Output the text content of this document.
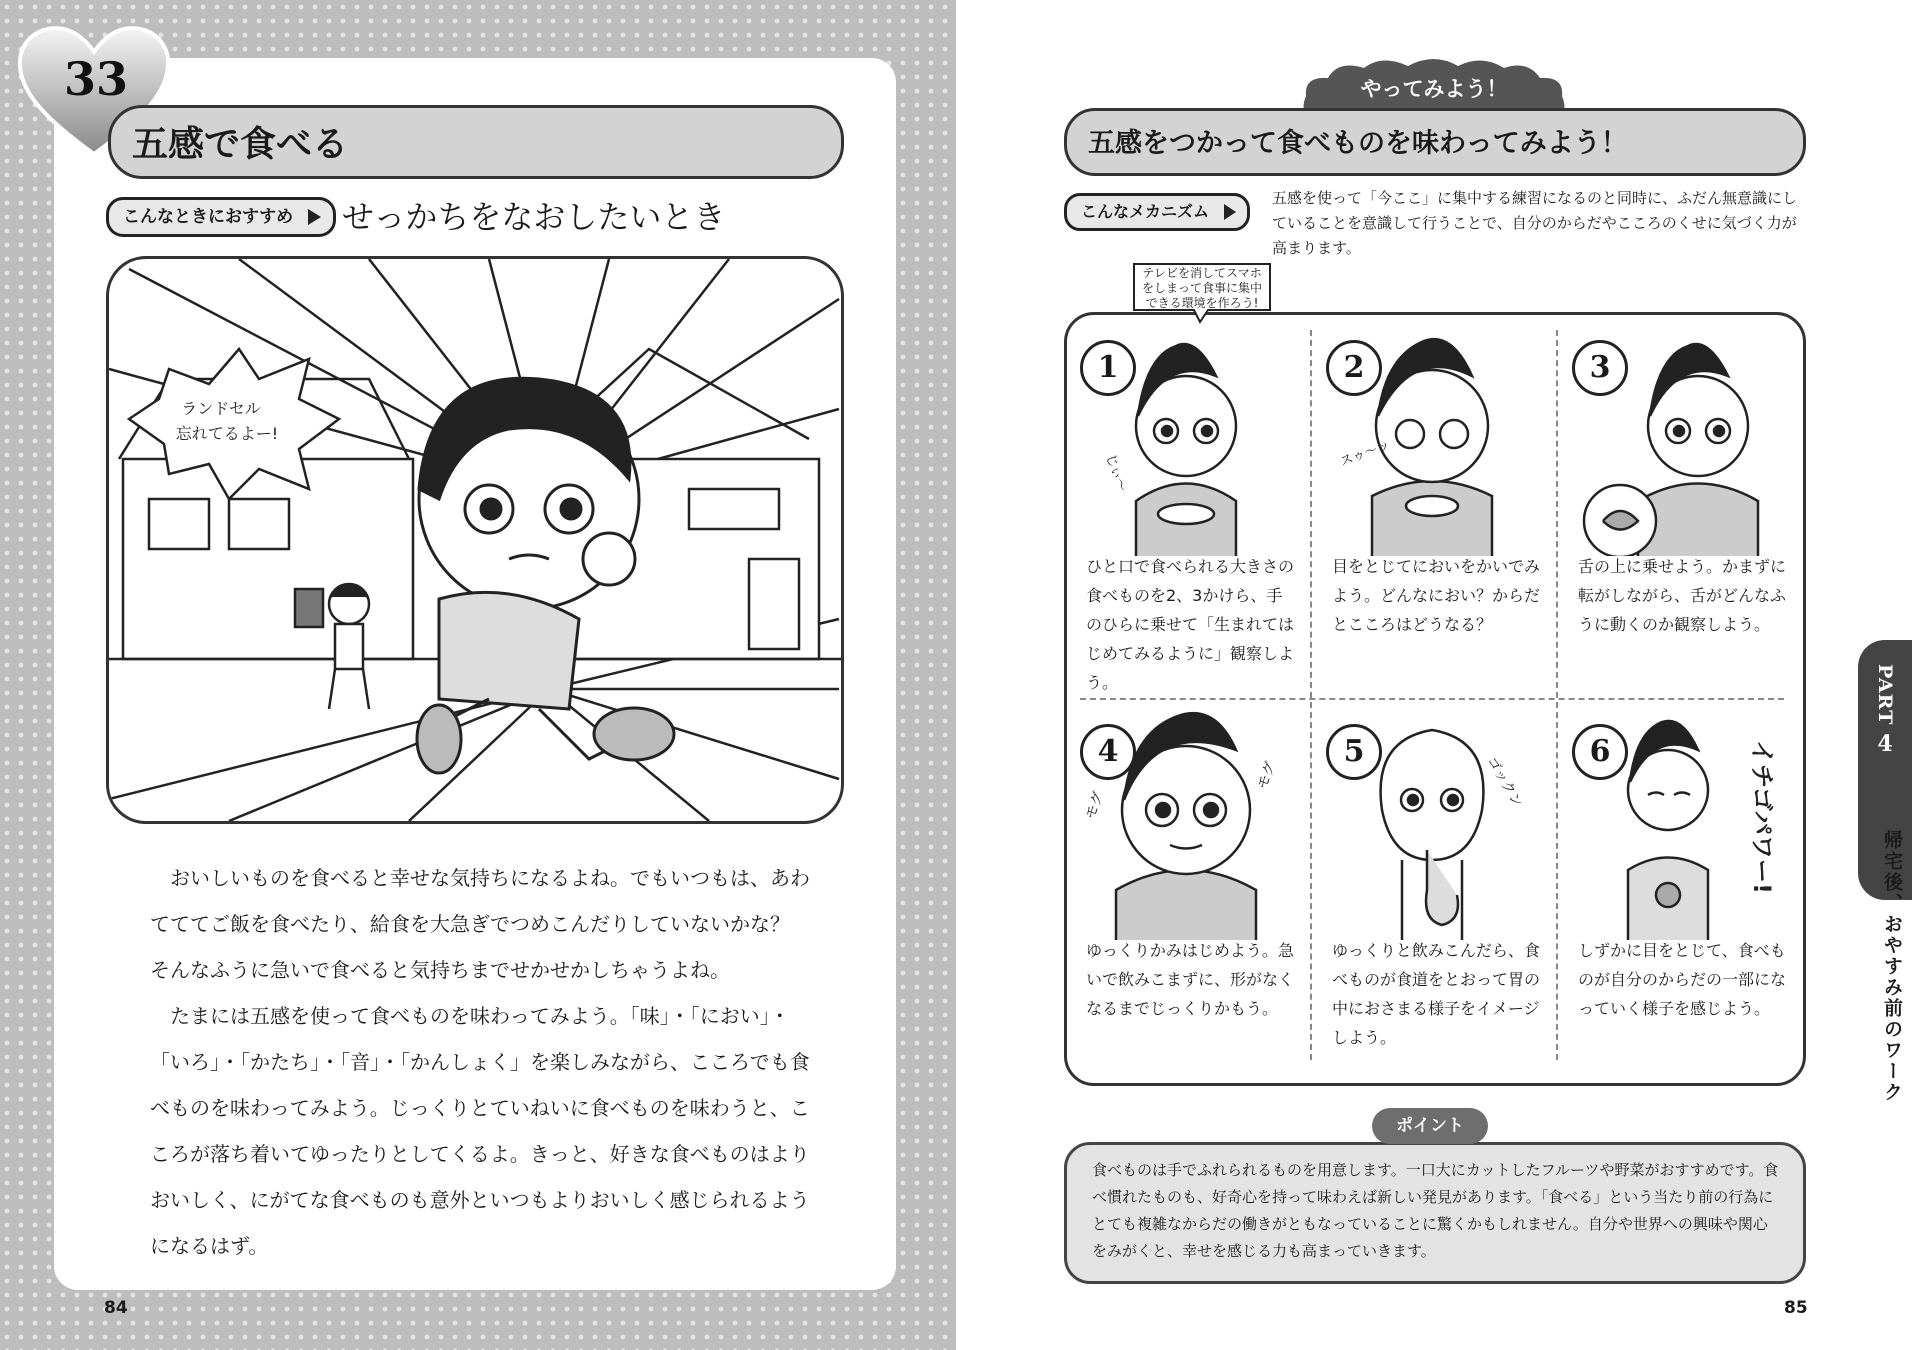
33
五感で食べる
こんなときにおすすめ	せっかちをなおしたいとき
ランドセル
忘れてるよー!

おいしいものを食べると幸せな気持ちになるよね。でもいつもは、あわてててご飯を食べたり、給食を大急ぎでつめこんだりしていないかな？　そんなふうに急いで食べると気持ちまでせかせかしちゃうよね。

たまには五感を使って食べものを味わってみよう。「味」・「におい」・「いろ」・「かたち」・「音」・「かんしょく」を楽しみながら、こころでも食べものを味わってみよう。じっくりとていねいに食べものを味わうと、こころが落ち着いてゆったりとしてくるよ。きっと、好きな食べものはよりおいしく、にがてな食べものも意外といつもよりおいしく感じられるようになるはず。

84
やってみよう！
五感をつかって食べものを味わってみよう！
こんなメカニズム
五感を使って「今ここ」に集中する練習になるのと同時に、ふだん無意識にしていることを意識して行うことで、自分のからだやこころのくせに気づく力が高まります。
テレビを消してスマホをしまって食事に集中できる環境を作ろう!
じぃ～
1
ひと口で食べられる大きさの食べものを2、3かけら、手のひらに乗せて「生まれてはじめてみるように」観察しよう。
スゥ～ッ
2
目をとじてにおいをかいでみよう。どんなにおい？からだとこころはどうなる？
3
舌の上に乗せよう。かまずに転がしながら、舌がどんなふうに動くのか観察しよう。
モグ
モグ
4
ゆっくりかみはじめよう。急いで飲みこまずに、形がなくなるまでじっくりかもう。
ゴックン
5
ゆっくりと飲みこんだら、食べものが食道をとおって胃の中におさまる様子をイメージしよう。
イチゴパワー!
6
しずかに目をとじて、食べものが自分のからだの一部になっていく様子を感じよう。
PART
4
帰宅後、おやすみ前のワーク
ポイント
食べものは手でふれられるものを用意します。一口大にカットしたフルーツや野菜がおすすめです。食べ慣れたものも、好奇心を持って味わえば新しい発見があります。「食べる」という当たり前の行為にとても複雑なからだの働きがともなっていることに驚くかもしれません。自分や世界への興味や関心をみがくと、幸せを感じる力も高まっていきます。
85
